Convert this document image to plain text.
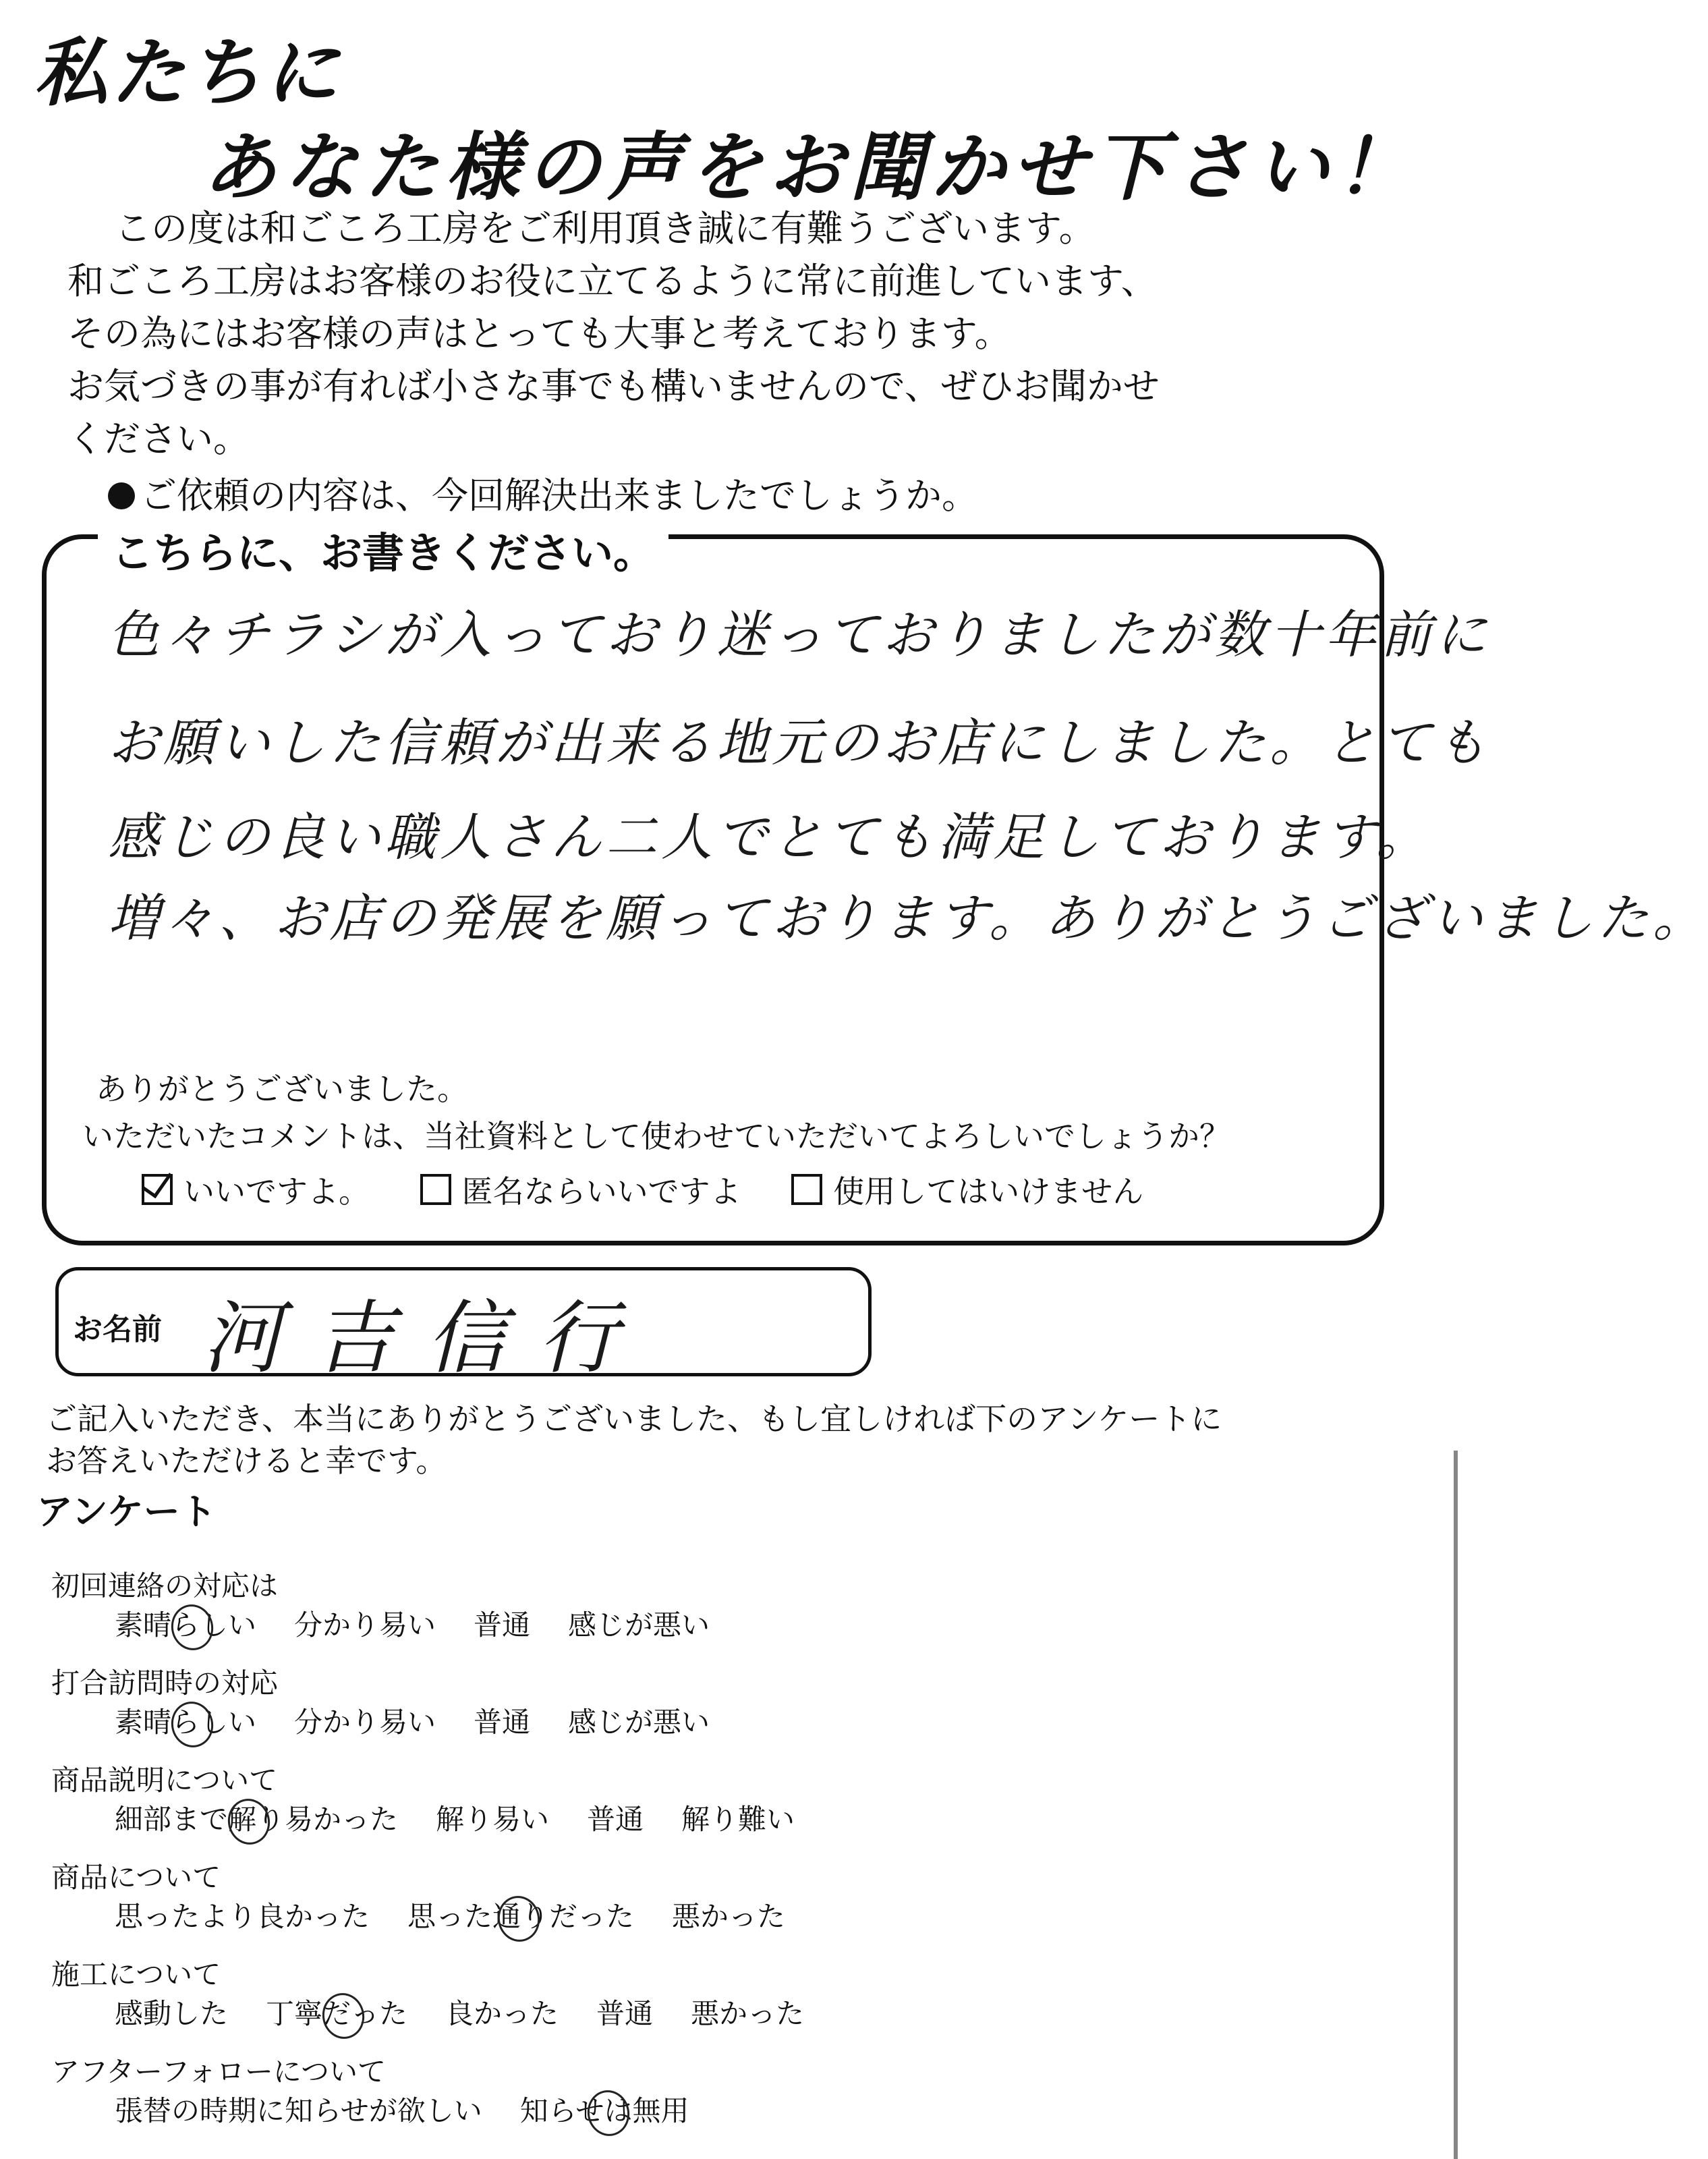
私たちに
あなた様の声をお聞かせ下さい！
この度は和ごころ工房をご利用頂き誠に有難うございます。
和ごころ工房はお客様のお役に立てるように常に前進しています、
その為にはお客様の声はとっても大事と考えております。
お気づきの事が有れば小さな事でも構いませんので、ぜひお聞かせ
ください。
ご依頼の内容は、今回解決出来ましたでしょうか。
こちらに、お書きください。
色々チラシが入っており迷っておりましたが数十年前に
お願いした信頼が出来る地元のお店にしました。とても
感じの良い職人さん二人でとても満足しております。
増々、お店の発展を願っております。ありがとうございました。
ありがとうございました。
いただいたコメントは、当社資料として使わせていただいてよろしいでしょうか？
いいですよ。
	匿名ならいいですよ
	使用してはいけません
お名前 河吉信行
ご記入いただき、本当にありがとうございました、もし宜しければ下のアンケートに
お答えいただけると幸です。
アンケート
初回連絡の対応は
素晴らしい 分かり易い 普通 感じが悪い
打合訪問時の対応
素晴らしい 分かり易い 普通 感じが悪い
商品説明について
細部まで解り易かった 解り易い 普通 解り難い
商品について
思ったより良かった 思った通りだった 悪かった
施工について
感動した 丁寧だった 良かった 普通 悪かった
アフターフォローについて
張替の時期に知らせが欲しい 知らせは無用
